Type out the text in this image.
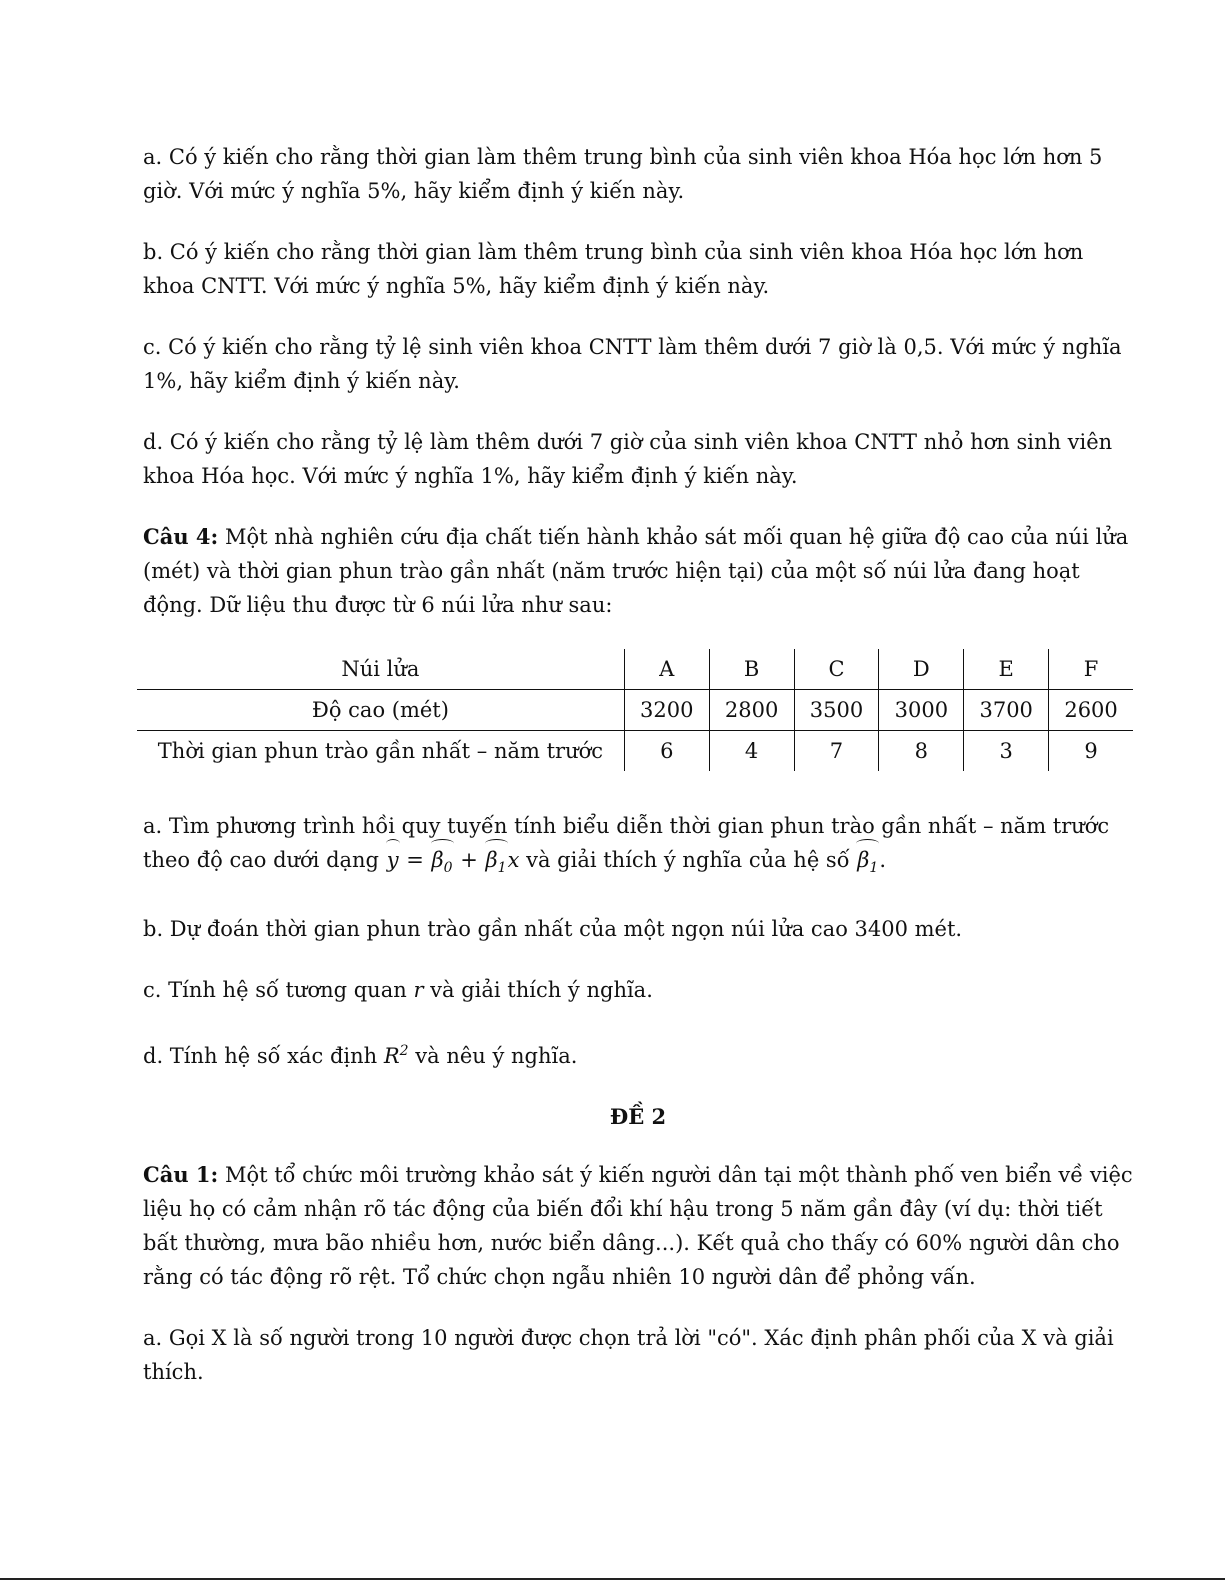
a. Có ý kiến cho rằng thời gian làm thêm trung bình của sinh viên khoa Hóa học lớn hơn 5 giờ. Với mức ý nghĩa 5%, hãy kiểm định ý kiến này.

b. Có ý kiến cho rằng thời gian làm thêm trung bình của sinh viên khoa Hóa học lớn hơn khoa CNTT. Với mức ý nghĩa 5%, hãy kiểm định ý kiến này.

c. Có ý kiến cho rằng tỷ lệ sinh viên khoa CNTT làm thêm dưới 7 giờ là 0,5. Với mức ý nghĩa 1%, hãy kiểm định ý kiến này.

d. Có ý kiến cho rằng tỷ lệ làm thêm dưới 7 giờ của sinh viên khoa CNTT nhỏ hơn sinh viên khoa Hóa học. Với mức ý nghĩa 1%, hãy kiểm định ý kiến này.

Câu 4: Một nhà nghiên cứu địa chất tiến hành khảo sát mối quan hệ giữa độ cao của núi lửa (mét) và thời gian phun trào gần nhất (năm trước hiện tại) của một số núi lửa đang hoạt động. Dữ liệu thu được từ 6 núi lửa như sau:

Núi lửa	A	B	C	D	E	F
Độ cao (mét)	3200	2800	3500	3000	3700	2600
Thời gian phun trào gần nhất – năm trước	6	4	7	8	3	9

a. Tìm phương trình hồi quy tuyến tính biểu diễn thời gian phun trào gần nhất – năm trước theo độ cao dưới dạng $y = \beta_0 + \beta_1x$ và giải thích ý nghĩa của hệ số $\beta_1$.

b. Dự đoán thời gian phun trào gần nhất của một ngọn núi lửa cao 3400 mét.

c. Tính hệ số tương quan r và giải thích ý nghĩa.

d. Tính hệ số xác định $R^2$ và nêu ý nghĩa.

ĐỀ 2

Câu 1: Một tổ chức môi trường khảo sát ý kiến người dân tại một thành phố ven biển về việc liệu họ có cảm nhận rõ tác động của biến đổi khí hậu trong 5 năm gần đây (ví dụ: thời tiết bất thường, mưa bão nhiều hơn, nước biển dâng...). Kết quả cho thấy có 60% người dân cho rằng có tác động rõ rệt. Tổ chức chọn ngẫu nhiên 10 người dân để phỏng vấn.

a. Gọi X là số người trong 10 người được chọn trả lời "có". Xác định phân phối của X và giải thích.
